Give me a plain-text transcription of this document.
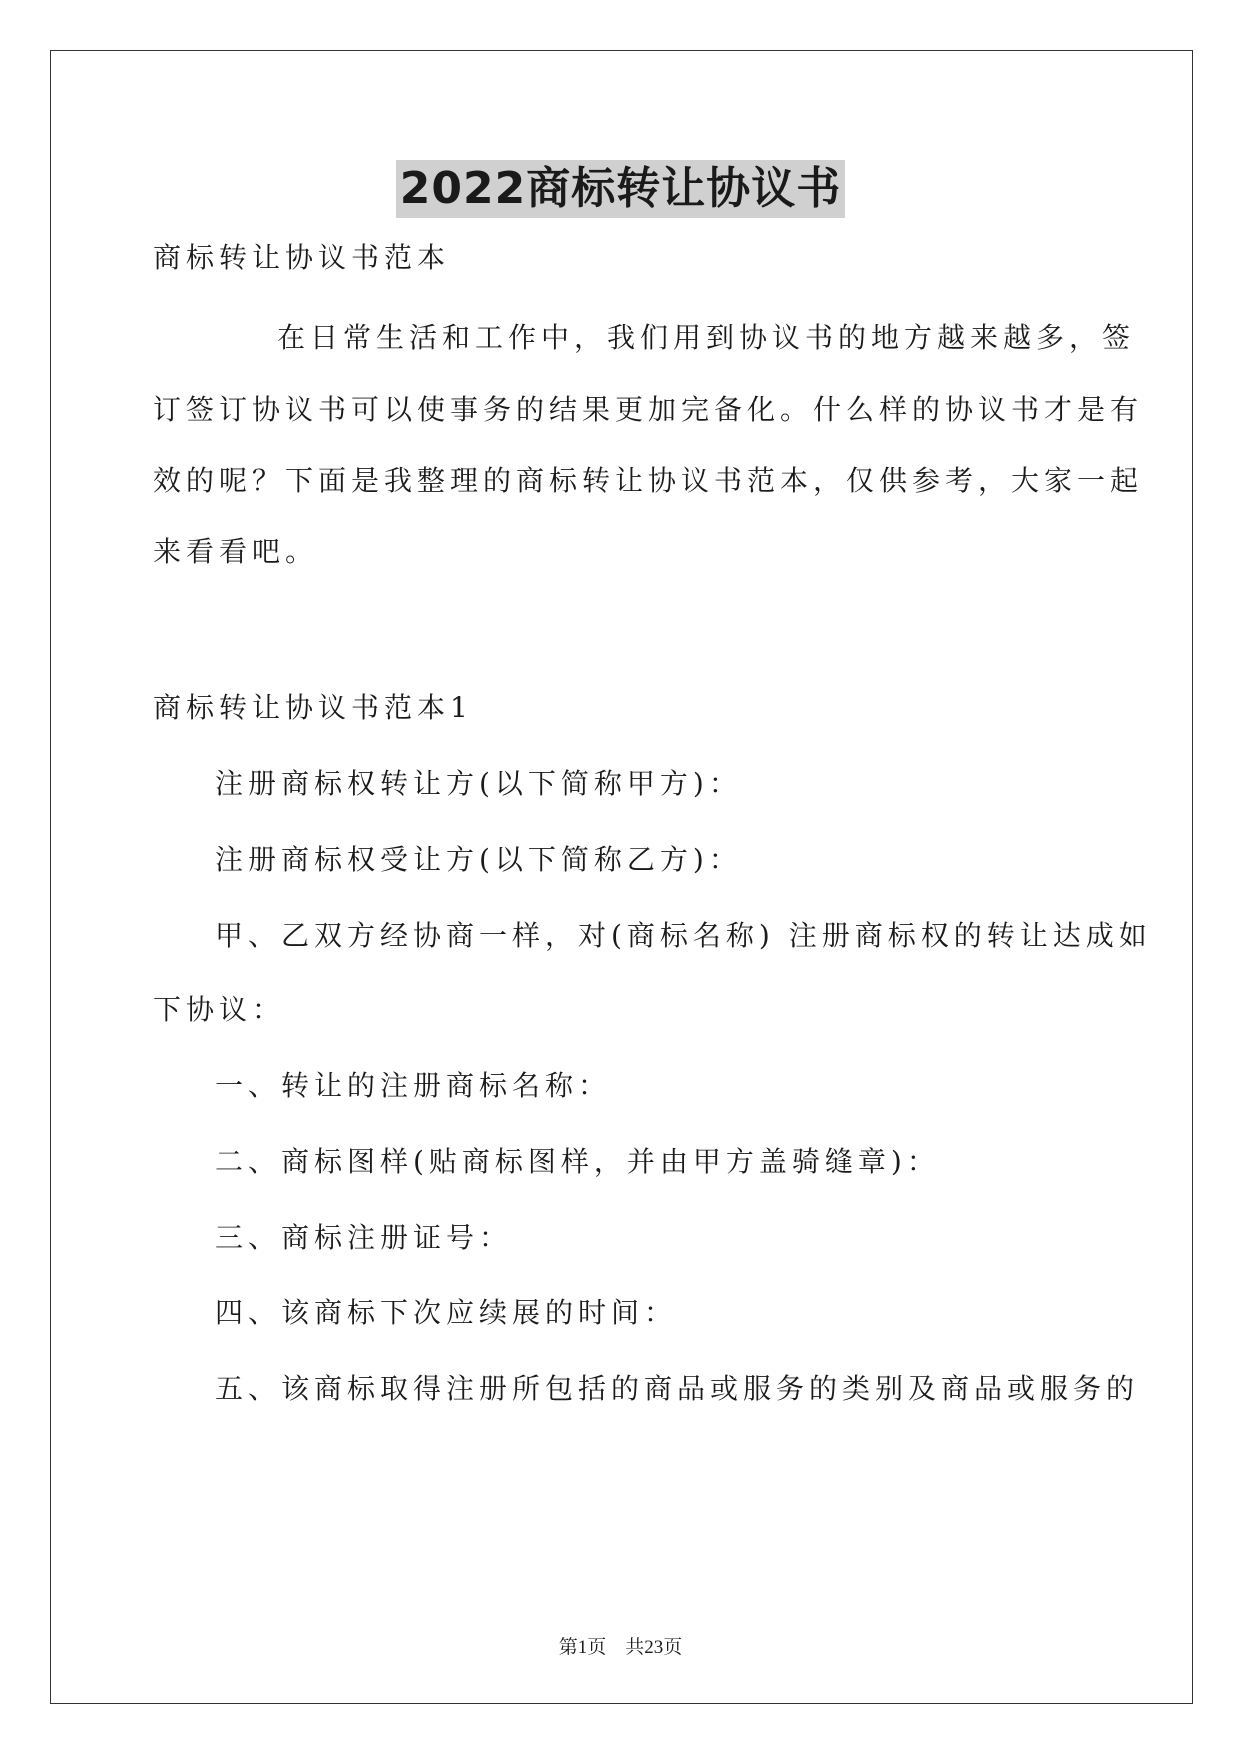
2022商标转让协议书

商标转让协议书范本

在日常生活和工作中，我们用到协议书的地方越来越多，签

订签订协议书可以使事务的结果更加完备化。什么样的协议书才是有

效的呢？下面是我整理的商标转让协议书范本，仅供参考，大家一起

来看看吧。

商标转让协议书范本1

注册商标权转让方(以下简称甲方)：

注册商标权受让方(以下简称乙方)：

甲、乙双方经协商一样，对(商标名称) 注册商标权的转让达成如

下协议：

一、转让的注册商标名称：

二、商标图样(贴商标图样，并由甲方盖骑缝章)：

三、商标注册证号：

四、该商标下次应续展的时间：

五、该商标取得注册所包括的商品或服务的类别及商品或服务的

第1页　共23页
